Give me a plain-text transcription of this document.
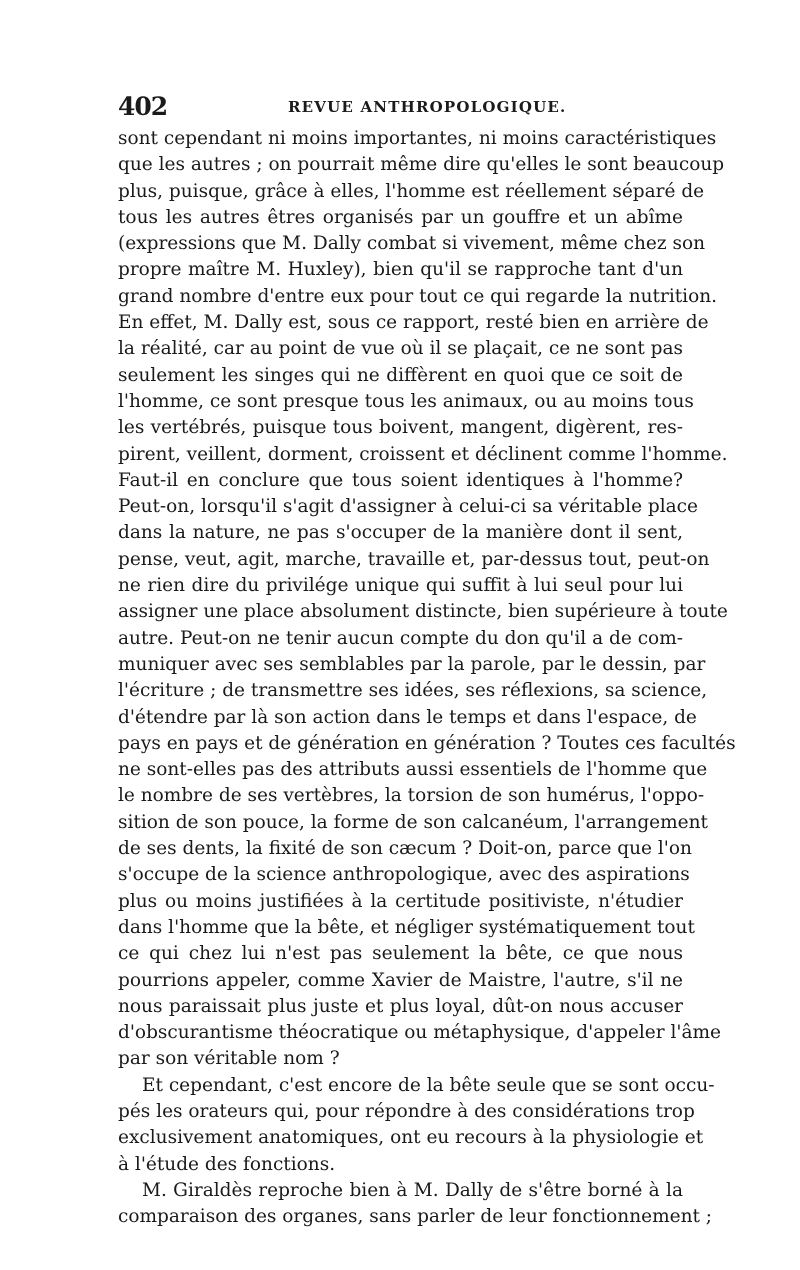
402	REVUE ANTHROPOLOGIQUE.
sont cependant ni moins importantes, ni moins caractéristiques
que les autres ; on pourrait même dire qu'elles le sont beaucoup
plus, puisque, grâce à elles, l'homme est réellement séparé de
tous les autres êtres organisés par un gouffre et un abîme
(expressions que M. Dally combat si vivement, même chez son
propre maître M. Huxley), bien qu'il se rapproche tant d'un
grand nombre d'entre eux pour tout ce qui regarde la nutrition.
En effet, M. Dally est, sous ce rapport, resté bien en arrière de
la réalité, car au point de vue où il se plaçait, ce ne sont pas
seulement les singes qui ne diffèrent en quoi que ce soit de
l'homme, ce sont presque tous les animaux, ou au moins tous
les vertébrés, puisque tous boivent, mangent, digèrent, res-
pirent, veillent, dorment, croissent et déclinent comme l'homme.
Faut-il en conclure que tous soient identiques à l'homme?
Peut-on, lorsqu'il s'agit d'assigner à celui-ci sa véritable place
dans la nature, ne pas s'occuper de la manière dont il sent,
pense, veut, agit, marche, travaille et, par-dessus tout, peut-on
ne rien dire du privilége unique qui suffit à lui seul pour lui
assigner une place absolument distincte, bien supérieure à toute
autre. Peut-on ne tenir aucun compte du don qu'il a de com-
muniquer avec ses semblables par la parole, par le dessin, par
l'écriture ; de transmettre ses idées, ses réflexions, sa science,
d'étendre par là son action dans le temps et dans l'espace, de
pays en pays et de génération en génération ? Toutes ces facultés
ne sont-elles pas des attributs aussi essentiels de l'homme que
le nombre de ses vertèbres, la torsion de son humérus, l'oppo-
sition de son pouce, la forme de son calcanéum, l'arrangement
de ses dents, la fixité de son cæcum ? Doit-on, parce que l'on
s'occupe de la science anthropologique, avec des aspirations
plus ou moins justifiées à la certitude positiviste, n'étudier
dans l'homme que la bête, et négliger systématiquement tout
ce qui chez lui n'est pas seulement la bête, ce que nous
pourrions appeler, comme Xavier de Maistre, l'autre, s'il ne
nous paraissait plus juste et plus loyal, dût-on nous accuser
d'obscurantisme théocratique ou métaphysique, d'appeler l'âme
par son véritable nom ?
Et cependant, c'est encore de la bête seule que se sont occu-
pés les orateurs qui, pour répondre à des considérations trop
exclusivement anatomiques, ont eu recours à la physiologie et
à l'étude des fonctions.
M. Giraldès reproche bien à M. Dally de s'être borné à la
comparaison des organes, sans parler de leur fonctionnement ;
